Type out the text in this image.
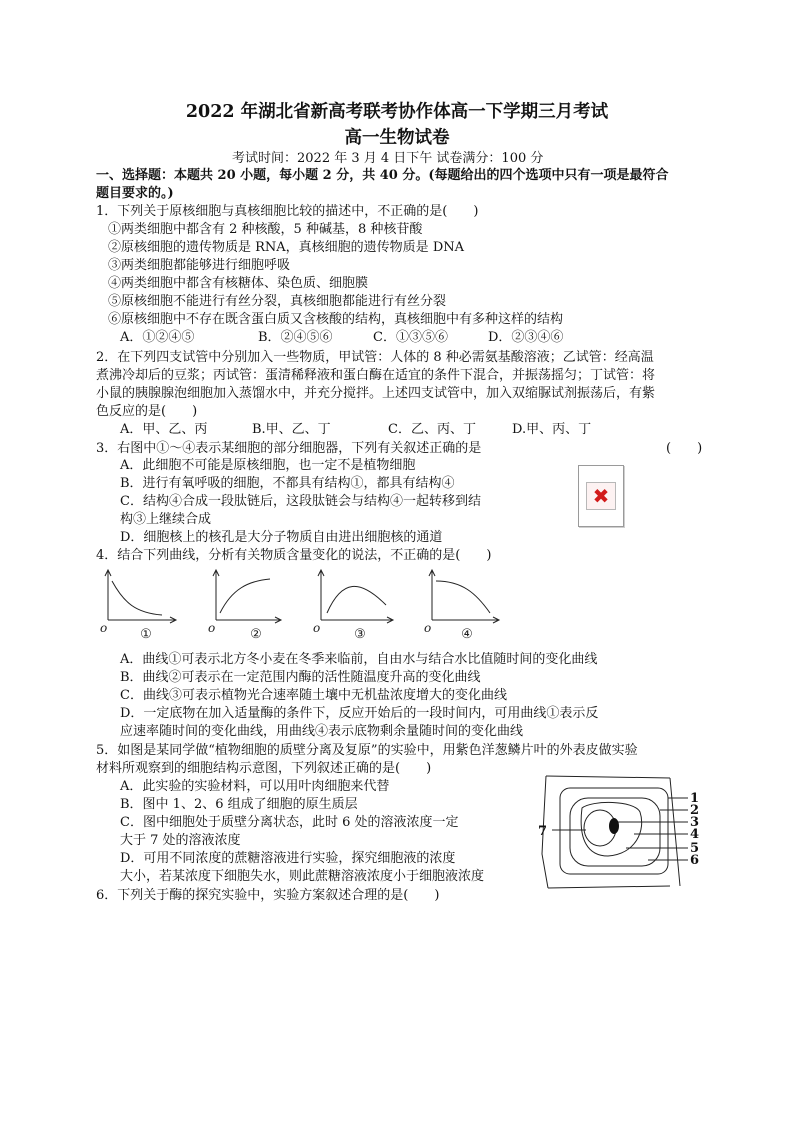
2022 年湖北省新高考联考协作体高一下学期三月考试
高一生物试卷
考试时间：2022 年 3 月 4 日下午 试卷满分：100 分
一、选择题：本题共 20 小题，每小题 2 分，共 40 分。(每题给出的四个选项中只有一项是最符合
题目要求的。)
1．下列关于原核细胞与真核细胞比较的描述中，不正确的是(　　)
①两类细胞中都含有 2 种核酸，5 种碱基，8 种核苷酸
②原核细胞的遗传物质是 RNA，真核细胞的遗传物质是 DNA
③两类细胞都能够进行细胞呼吸
④两类细胞中都含有核糖体、染色质、细胞膜
⑤原核细胞不能进行有丝分裂，真核细胞都能进行有丝分裂
⑥原核细胞中不存在既含蛋白质又含核酸的结构，真核细胞中有多种这样的结构
A．①②④⑤	B．②④⑤⑥	C．①③⑤⑥	D．②③④⑥
2．在下列四支试管中分别加入一些物质，甲试管：人体的 8 种必需氨基酸溶液；乙试管：经高温
煮沸冷却后的豆浆；丙试管：蛋清稀释液和蛋白酶在适宜的条件下混合，并振荡摇匀；丁试管：将
小鼠的胰腺腺泡细胞加入蒸馏水中，并充分搅拌。上述四支试管中，加入双缩脲试剂振荡后，有紫
色反应的是(　　)
A．甲、乙、丙	B.甲、乙、丁	C．乙、丙、丁	D.甲、丙、丁
3．右图中①～④表示某细胞的部分细胞器，下列有关叙述正确的是	(　　)
A．此细胞不可能是原核细胞，也一定不是植物细胞
B．进行有氧呼吸的细胞，不都具有结构①，都具有结构④
C．结构④合成一段肽链后，这段肽链会与结构④一起转移到结
构③上继续合成
D．细胞核上的核孔是大分子物质自由进出细胞核的通道
✖
4．结合下列曲线，分析有关物质含量变化的说法，不正确的是(　　)
o	o	o	o
①	②	③	④
A．曲线①可表示北方冬小麦在冬季来临前，自由水与结合水比值随时间的变化曲线
B．曲线②可表示在一定范围内酶的活性随温度升高的变化曲线
C．曲线③可表示植物光合速率随土壤中无机盐浓度增大的变化曲线
D．一定底物在加入适量酶的条件下，反应开始后的一段时间内，可用曲线①表示反
应速率随时间的变化曲线，用曲线④表示底物剩余量随时间的变化曲线
5．如图是某同学做“植物细胞的质壁分离及复原”的实验中，用紫色洋葱鳞片叶的外表皮做实验
材料所观察到的细胞结构示意图，下列叙述正确的是(　　)
A．此实验的实验材料，可以用叶肉细胞来代替
B．图中 1、2、6 组成了细胞的原生质层
C．图中细胞处于质壁分离状态，此时 6 处的溶液浓度一定
大于 7 处的溶液浓度
D．可用不同浓度的蔗糖溶液进行实验，探究细胞液的浓度
大小，若某浓度下细胞失水，则此蔗糖溶液浓度小于细胞液浓度
1
2
3
4
5
6
7
6．下列关于酶的探究实验中，实验方案叙述合理的是(　　)
